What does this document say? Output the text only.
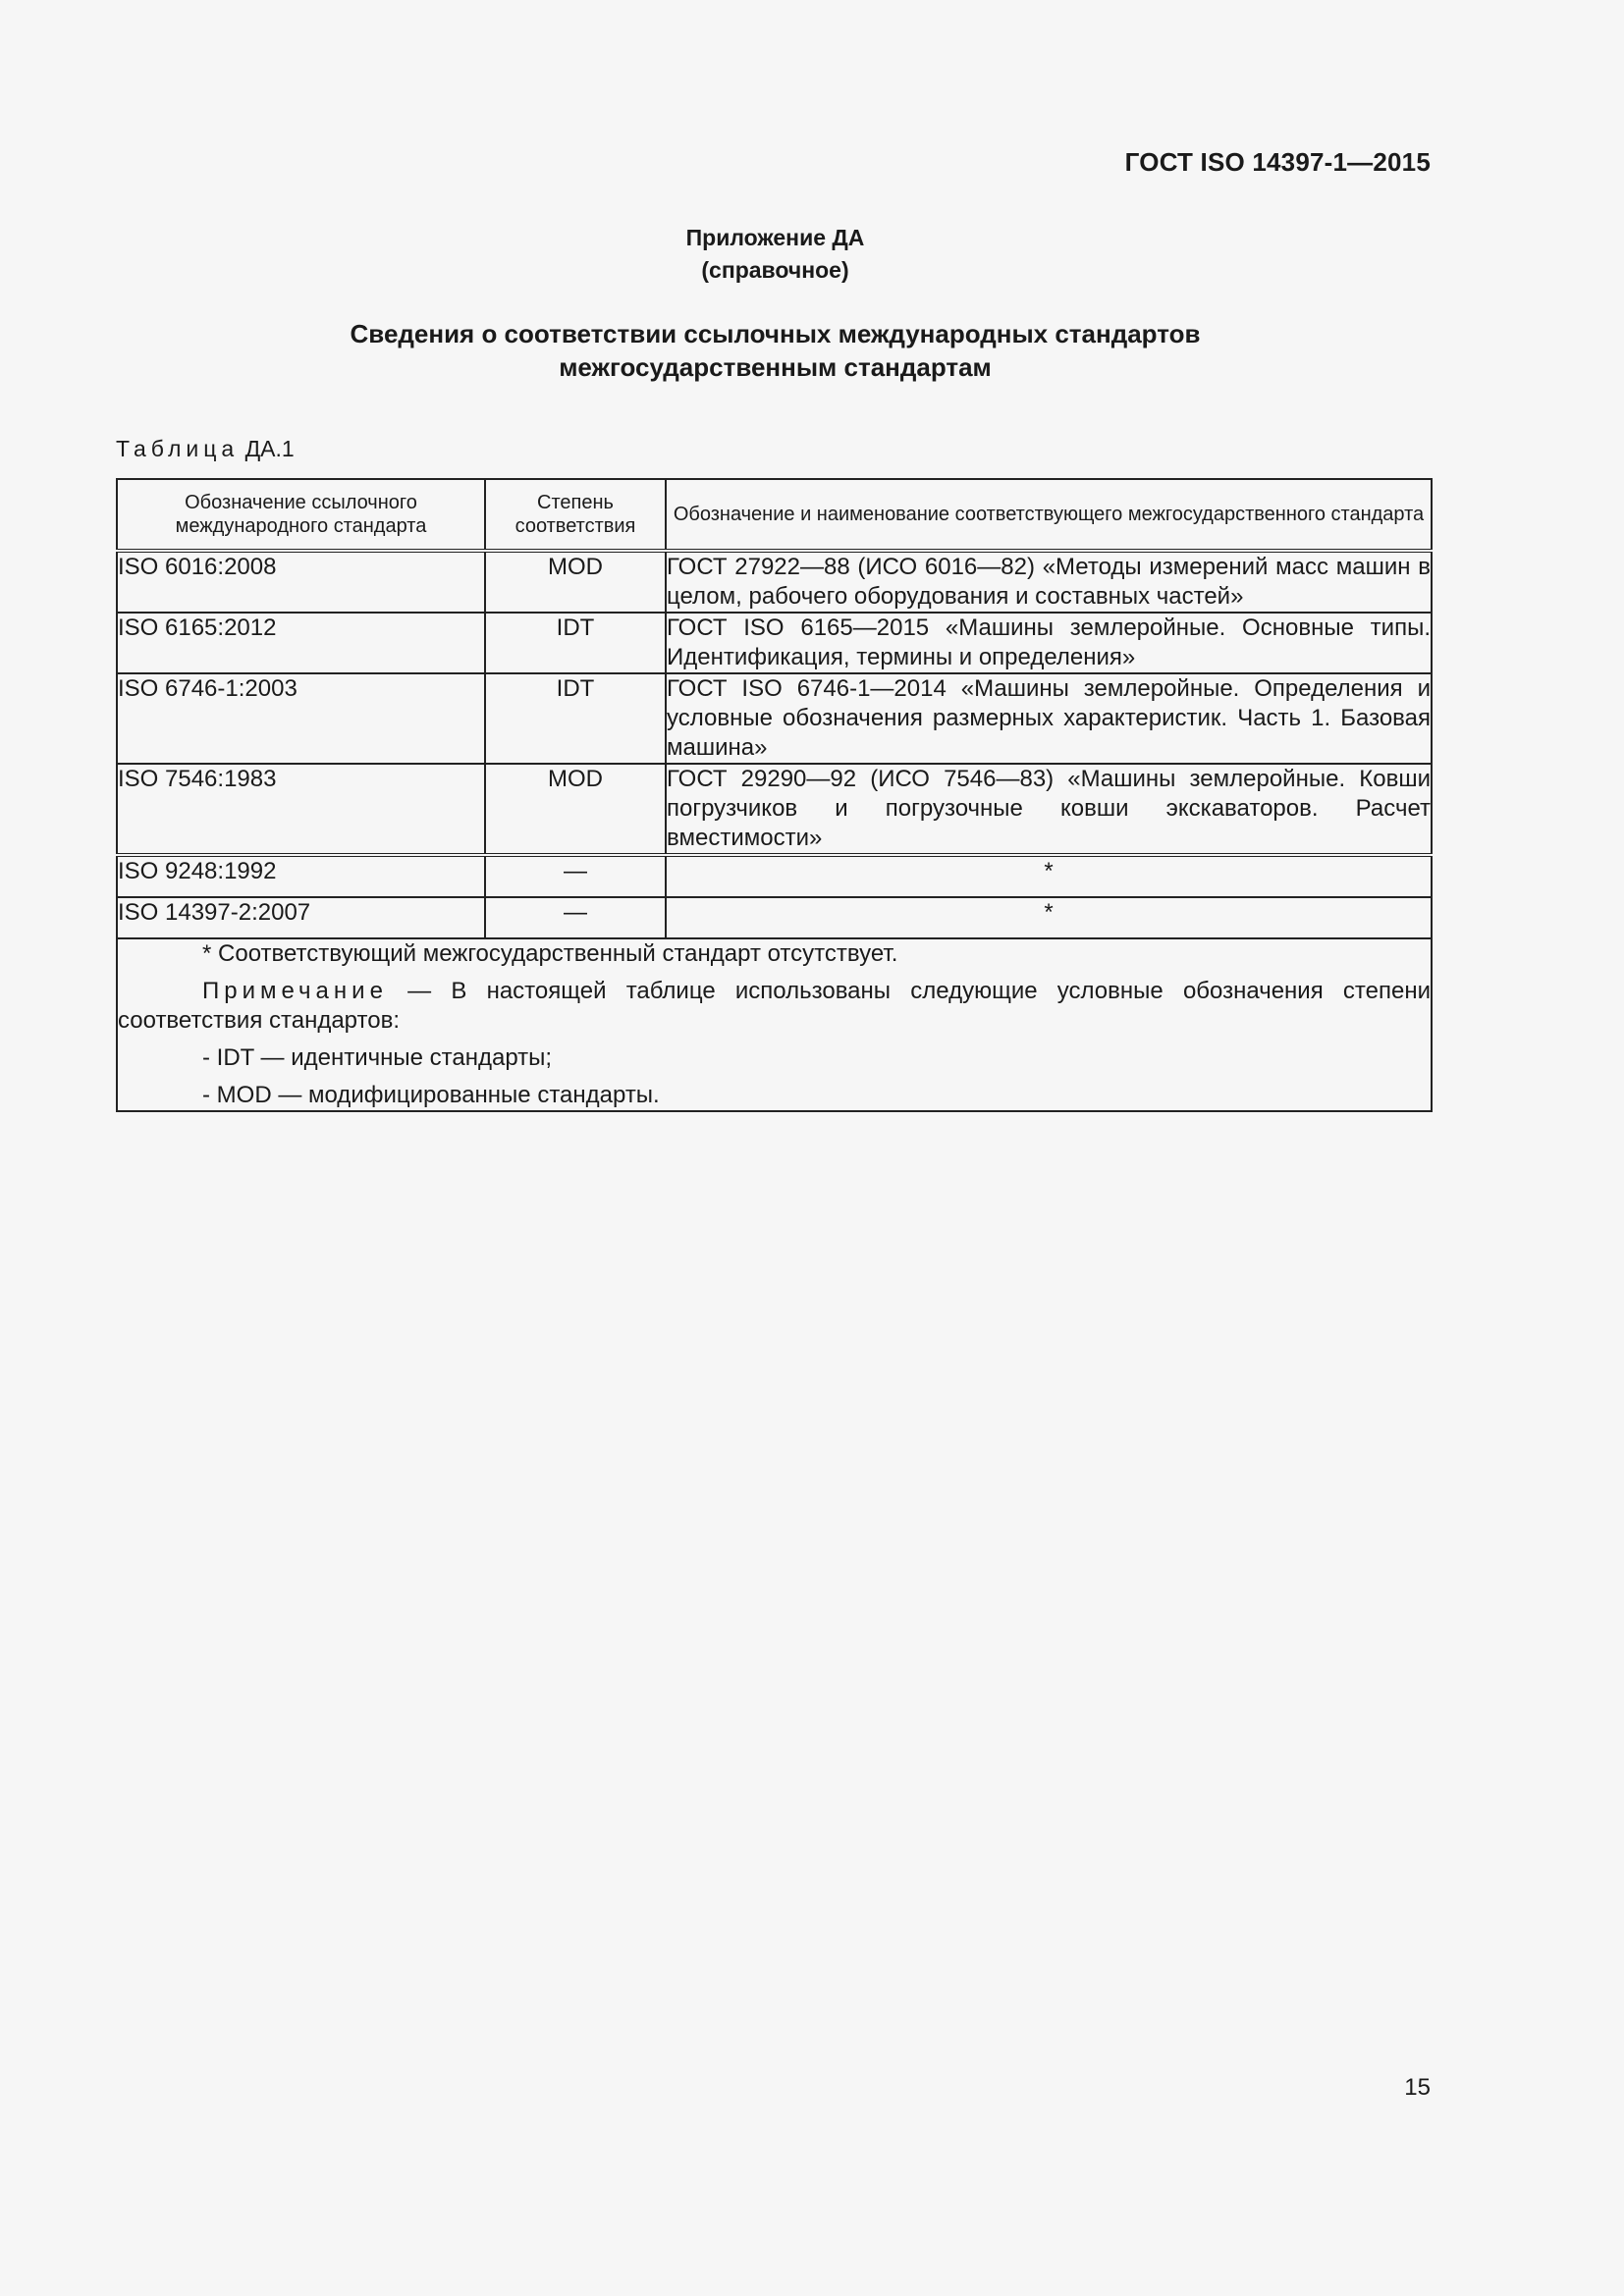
ГОСТ ISO 14397-1—2015
Приложение ДА
(справочное)
Сведения о соответствии ссылочных международных стандартов
межгосударственным стандартам
Таблица ДА.1
Обозначение ссылочного международного стандарта	Степень соответствия	Обозначение и наименование соответствующего межгосударственного стандарта
ISO 6016:2008	MOD	ГОСТ 27922—88 (ИСО 6016—82) «Методы измерений масс машин в целом, рабочего оборудования и составных частей»
ISO 6165:2012	IDT	ГОСТ ISO 6165—2015 «Машины землеройные. Основные типы. Идентификация, термины и определения»
ISO 6746-1:2003	IDT	ГОСТ ISO 6746-1—2014 «Машины землеройные. Определения и условные обозначения размерных характеристик. Часть 1. Базовая машина»
ISO 7546:1983	MOD	ГОСТ 29290—92 (ИСО 7546—83) «Машины землеройные. Ковши погрузчиков и погрузочные ковши экскаваторов. Расчет вместимости»
ISO 9248:1992	—	*
ISO 14397-2:2007	—	*

* Соответствующий межгосударственный стандарт отсутствует.

Примечание — В настоящей таблице использованы следующие условные обозначения степени соответствия стандартов:

- IDT — идентичные стандарты;

- MOD — модифицированные стандарты.		

15
